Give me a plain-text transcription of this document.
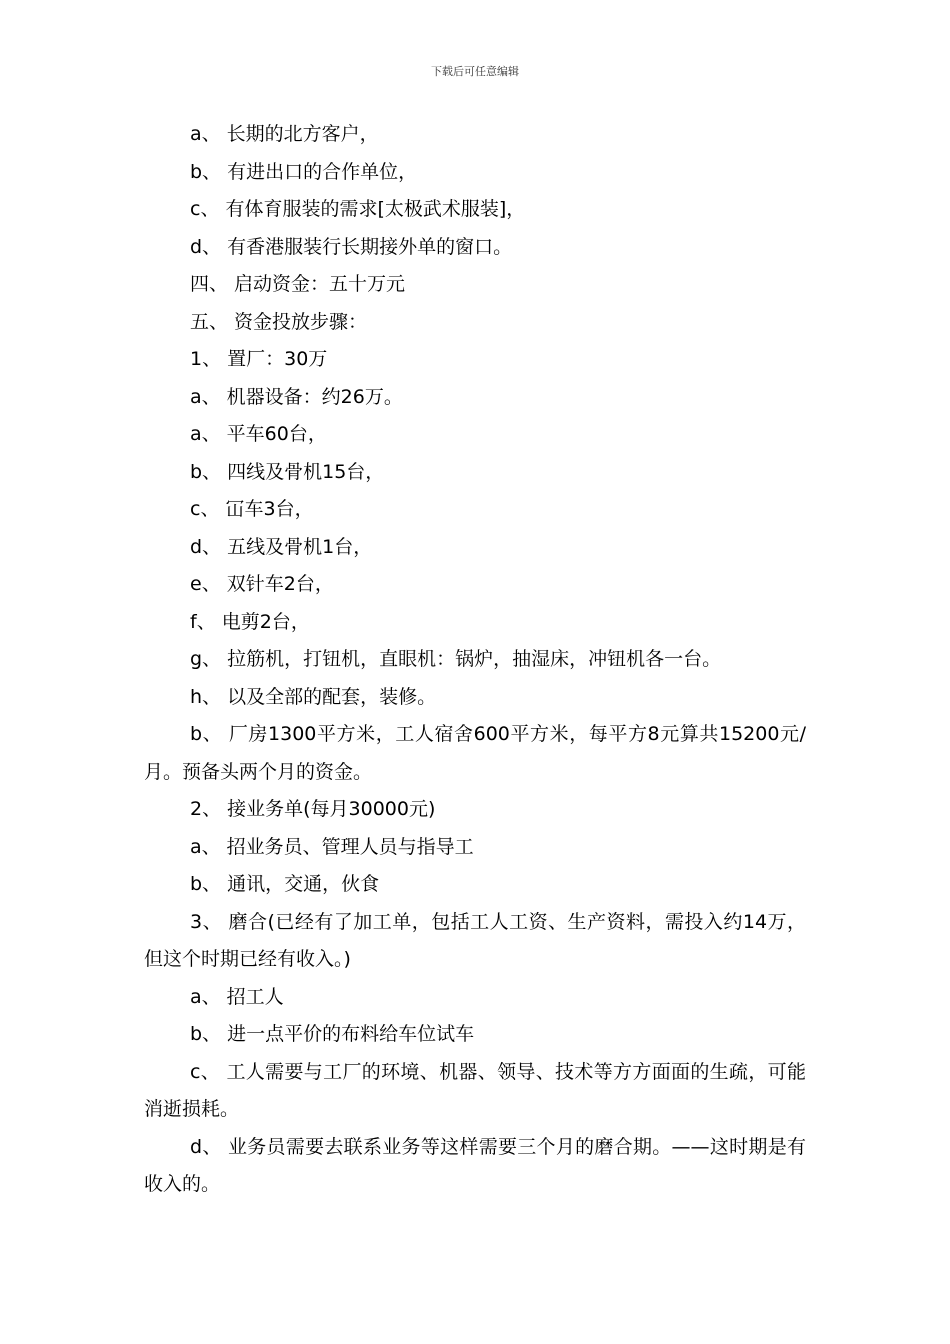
下载后可任意编辑

a、 长期的北方客户，

b、 有进出口的合作单位，

c、 有体育服装的需求[太极武术服装]，

d、 有香港服装行长期接外单的窗口。

四、 启动资金：五十万元

五、 资金投放步骤：

1、 置厂：30万

a、 机器设备：约26万。

a、 平车60台，

b、 四线及骨机15台，

c、 冚车3台，

d、 五线及骨机1台，

e、 双针车2台，

f、 电剪2台，

g、 拉筋机，打钮机，直眼机：锅炉，抽湿床，冲钮机各一台。

h、 以及全部的配套，装修。

b、 厂房1300平方米，工人宿舍600平方米，每平方8元算共15200元/月。预备头两个月的资金。

2、 接业务单(每月30000元)

a、 招业务员、管理人员与指导工

b、 通讯，交通，伙食

3、 磨合(已经有了加工单，包括工人工资、生产资料，需投入约14万，但这个时期已经有收入。)

a、 招工人

b、 进一点平价的布料给车位试车

c、 工人需要与工厂的环境、机器、领导、技术等方方面面的生疏，可能消逝损耗。

d、 业务员需要去联系业务等这样需要三个月的磨合期。——这时期是有收入的。
